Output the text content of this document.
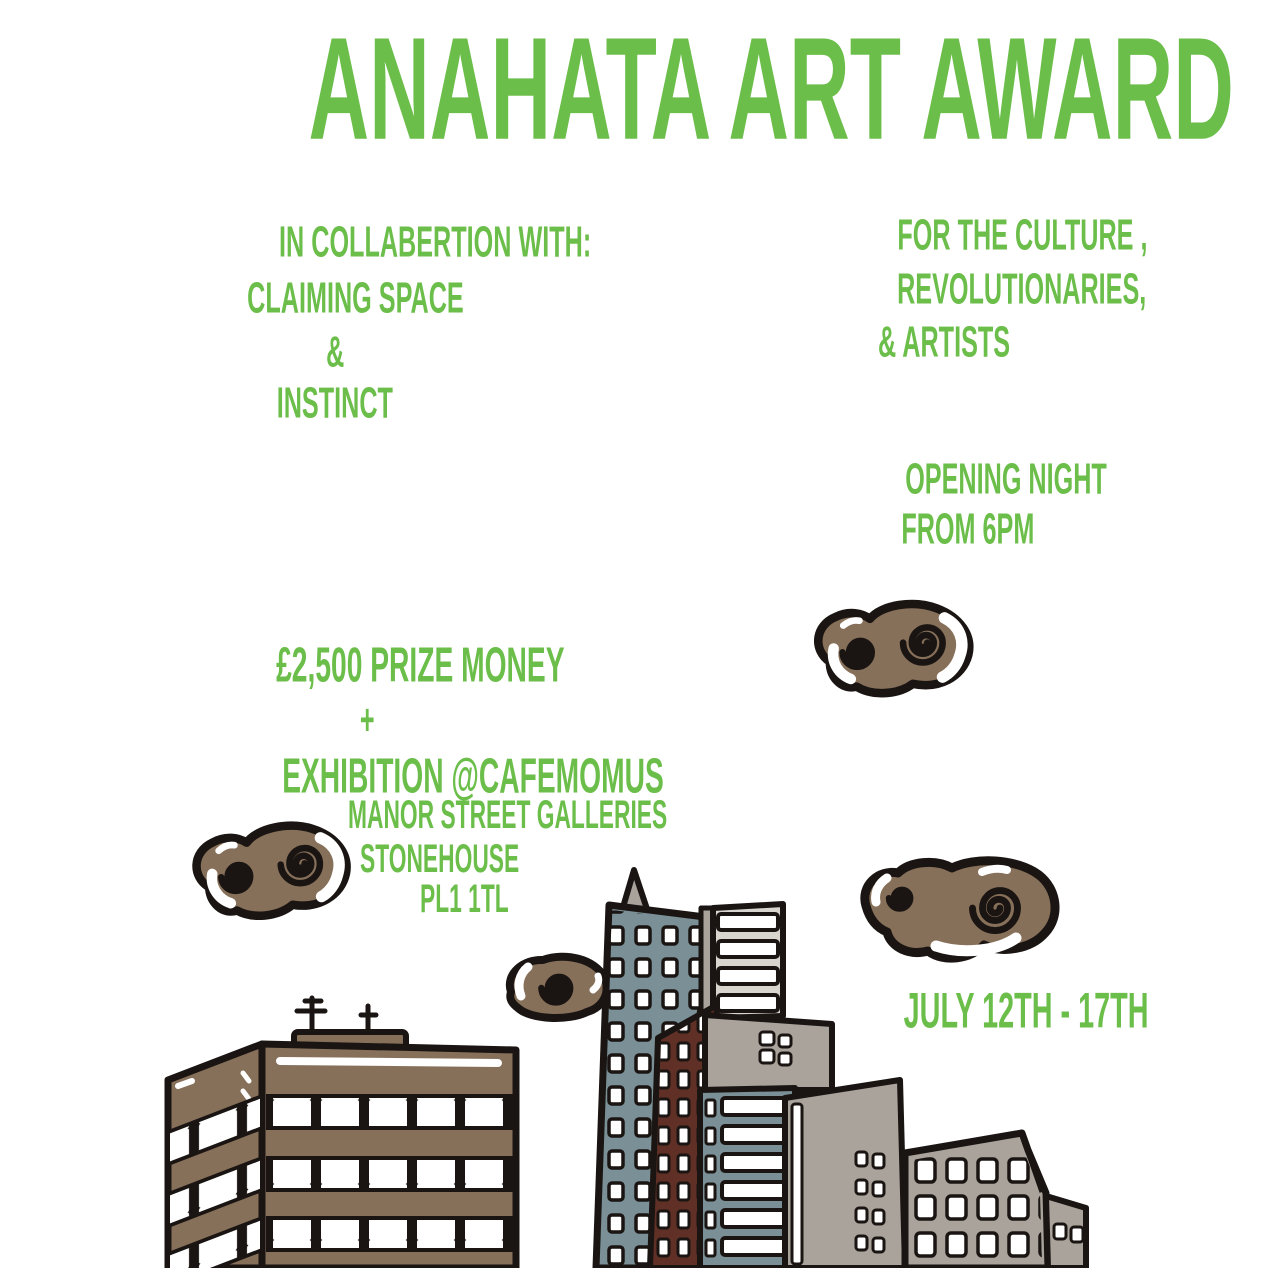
ANAHATA ART AWARD
IN COLLABERTION WITH:
CLAIMING SPACE
&
INSTINCT
FOR THE CULTURE ,
REVOLUTIONARIES,
& ARTISTS
OPENING NIGHT
FROM 6PM
£2,500 PRIZE MONEY
+
EXHIBITION @CAFEMOMUS
MANOR STREET GALLERIES
STONEHOUSE
PL1 1TL
JULY 12TH - 17TH
